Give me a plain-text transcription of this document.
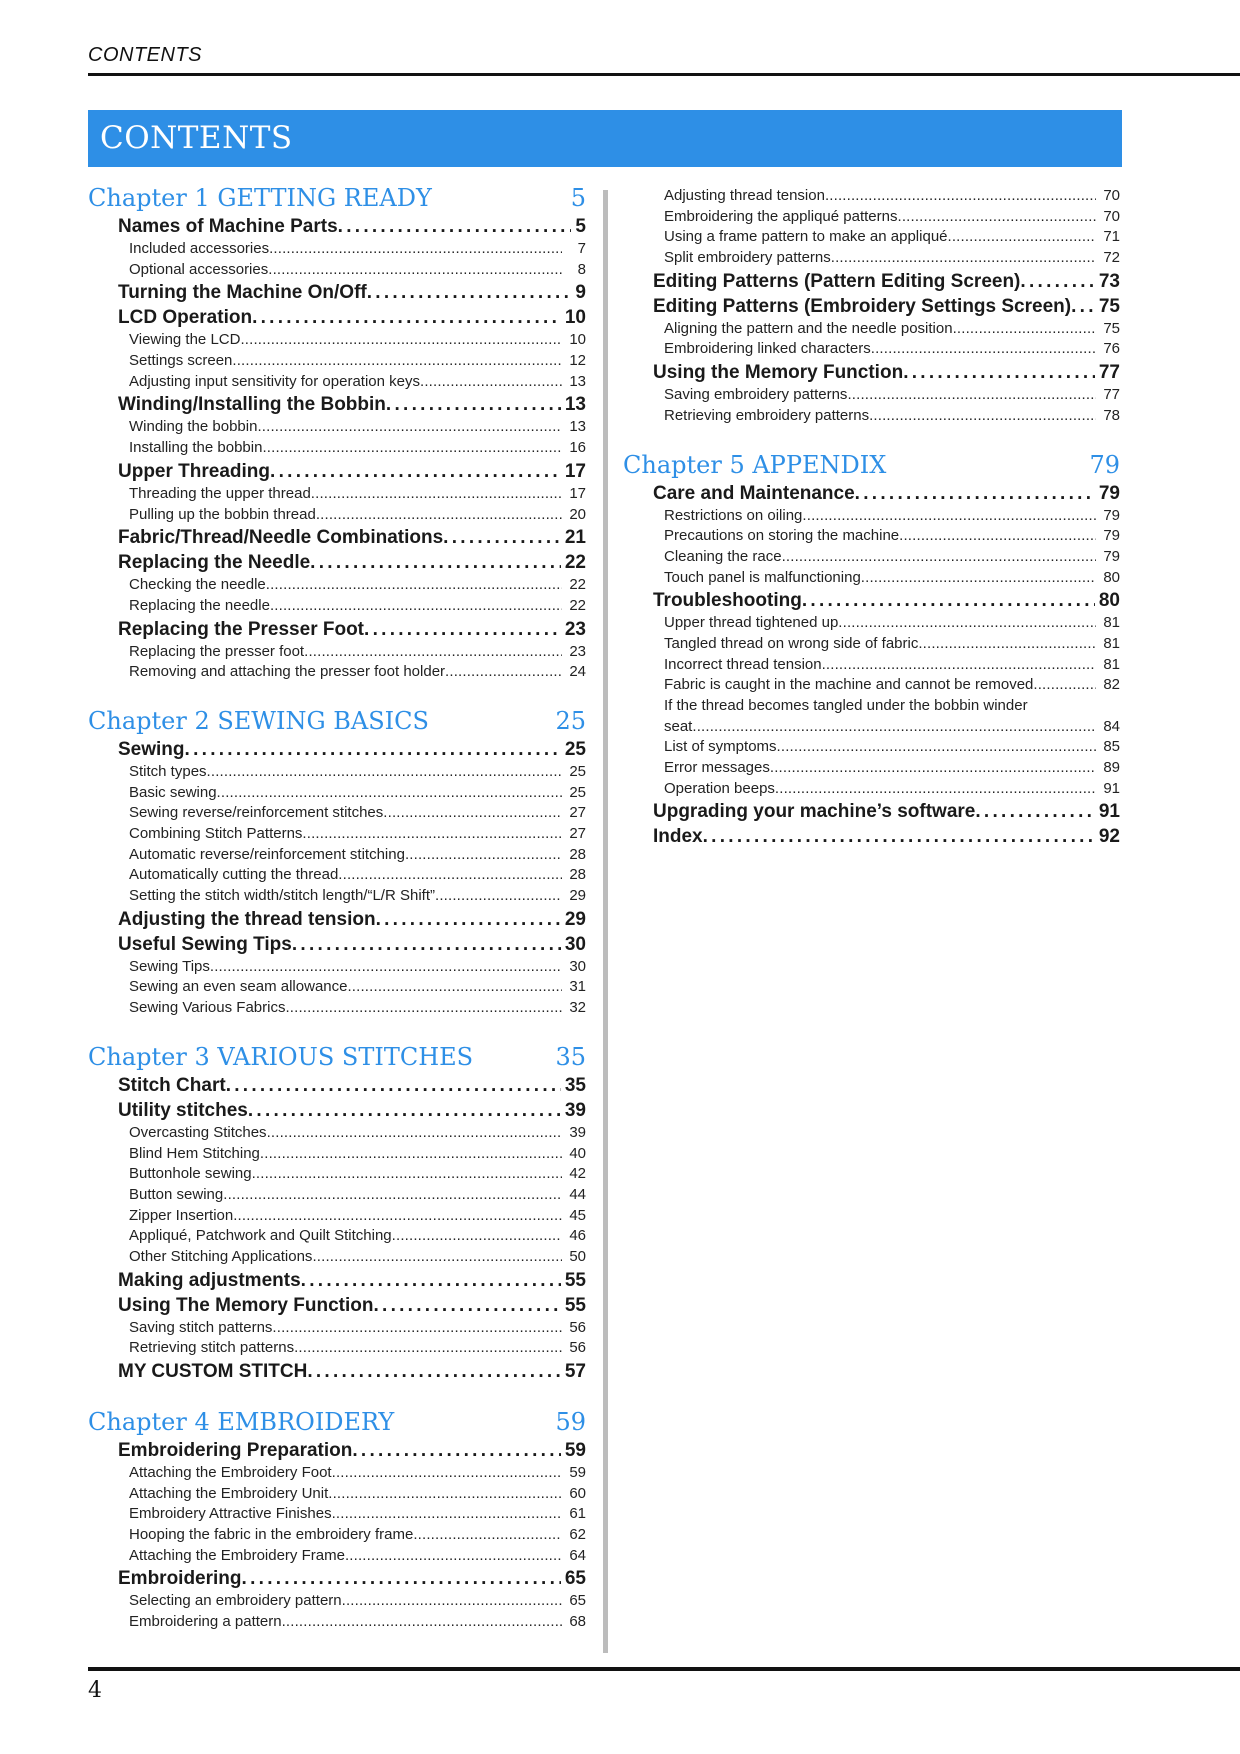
CONTENTS
CONTENTS
Chapter 1 GETTING READY	5
Names of Machine Parts . . .	5
Included accessories . . .	7
Optional accessories . . .	8
Turning the Machine On/Off . . .	9
LCD Operation . . .	10
Viewing the LCD . . .	10
Settings screen . . .	12
Adjusting input sensitivity for operation keys . . .	13
Winding/Installing the Bobbin . . .	13
Winding the bobbin . . .	13
Installing the bobbin . . .	16
Upper Threading . . .	17
Threading the upper thread . . .	17
Pulling up the bobbin thread . . .	20
Fabric/Thread/Needle Combinations . . .	21
Replacing the Needle . . .	22
Checking the needle . . .	22
Replacing the needle . . .	22
Replacing the Presser Foot . . .	23
Replacing the presser foot . . .	23
Removing and attaching the presser foot holder . . .	24
Chapter 2 SEWING BASICS	25
Sewing . . .	25
Stitch types . . .	25
Basic sewing . . .	25
Sewing reverse/reinforcement stitches . . .	27
Combining Stitch Patterns . . .	27
Automatic reverse/reinforcement stitching . . .	28
Automatically cutting the thread . . .	28
Setting the stitch width/stitch length/“L/R Shift” . . .	29
Adjusting the thread tension . . .	29
Useful Sewing Tips . . .	30
Sewing Tips . . .	30
Sewing an even seam allowance . . .	31
Sewing Various Fabrics . . .	32
Chapter 3 VARIOUS STITCHES	35
Stitch Chart . . .	35
Utility stitches . . .	39
Overcasting Stitches . . .	39
Blind Hem Stitching . . .	40
Buttonhole sewing . . .	42
Button sewing . . .	44
Zipper Insertion . . .	45
Appliqué, Patchwork and Quilt Stitching . . .	46
Other Stitching Applications . . .	50
Making adjustments . . .	55
Using The Memory Function . . .	55
Saving stitch patterns . . .	56
Retrieving stitch patterns . . .	56
MY CUSTOM STITCH . . .	57
Chapter 4 EMBROIDERY	59
Embroidering Preparation . . .	59
Attaching the Embroidery Foot . . .	59
Attaching the Embroidery Unit . . .	60
Embroidery Attractive Finishes . . .	61
Hooping the fabric in the embroidery frame . . .	62
Attaching the Embroidery Frame . . .	64
Embroidering . . .	65
Selecting an embroidery pattern . . .	65
Embroidering a pattern . . .	68
Adjusting thread tension . . .	70
Embroidering the appliqué patterns . . .	70
Using a frame pattern to make an appliqué . . .	71
Split embroidery patterns . . .	72
Editing Patterns (Pattern Editing Screen) . . .	73
Editing Patterns (Embroidery Settings Screen) . . . 75
Aligning the pattern and the needle position . . .	75
Embroidering linked characters . . .	76
Using the Memory Function . . .	77
Saving embroidery patterns . . .	77
Retrieving embroidery patterns . . .	78
Chapter 5 APPENDIX	79
Care and Maintenance . . .	79
Restrictions on oiling . . .	79
Precautions on storing the machine . . .	79
Cleaning the race . . .	79
Touch panel is malfunctioning . . .	80
Troubleshooting . . .	80
Upper thread tightened up . . .	81
Tangled thread on wrong side of fabric . . .	81
Incorrect thread tension . . .	81
Fabric is caught in the machine and cannot be removed . . .	82
If the thread becomes tangled under the bobbin winder
seat . . .	84
List of symptoms . . .	85
Error messages . . .	89
Operation beeps . . .	91
Upgrading your machine’s software . . .	91
Index . . .	92
4
